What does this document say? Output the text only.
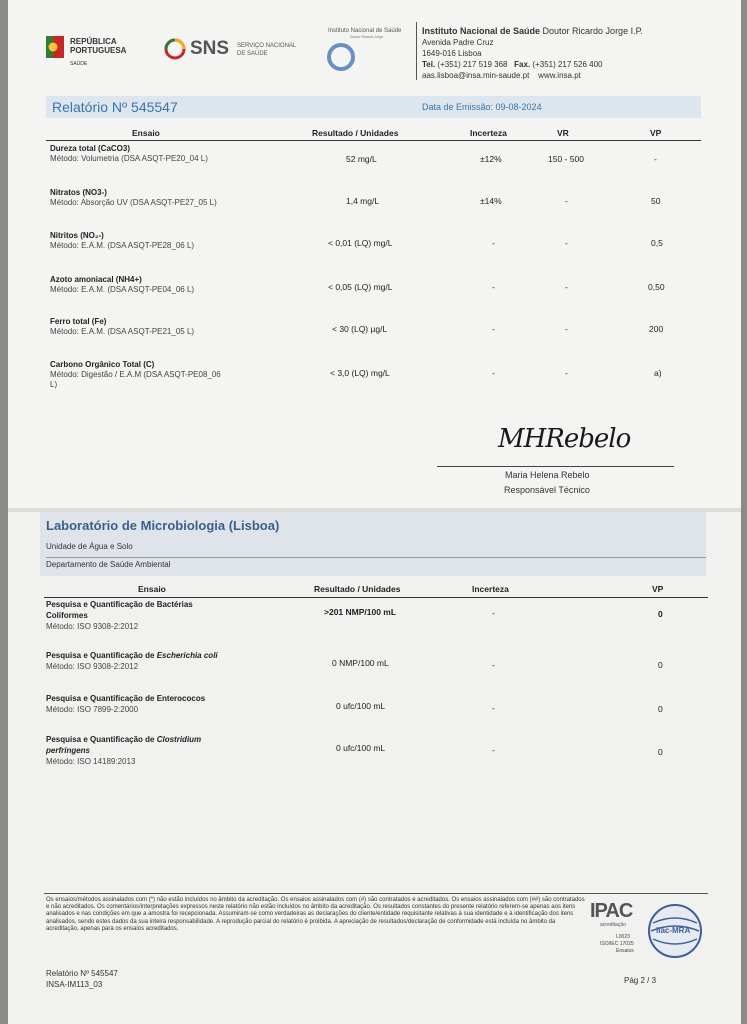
REPÚBLICA
PORTUGUESA
SAÚDE
SNS SERVIÇO NACIONAL
DE SAÚDE
Instituto Nacional de Saúde
Doutor Ricardo Jorge
Instituto Nacional de Saúde Doutor Ricardo Jorge I.P.
Avenida Padre Cruz
1649-016 Lisboa
Tel. (+351) 217 519 368 Fax. (+351) 217 526 400
aas.lisboa@insa.min-saude.pt    www.insa.pt
Relatório Nº 545547	Data de Emissão: 09-08-2024
Ensaio	Resultado / Unidades	Incerteza	VR	VP
Dureza total (CaCO3)
Método: Volumetria (DSA ASQT-PE20_04 L)	52 mg/L	±12%	150 - 500	-
Nitratos (NO3-)
Método: Absorção UV (DSA ASQT-PE27_05 L)	1,4 mg/L	±14%	-	50
Nitritos (NO₂-)
Método: E.A.M. (DSA ASQT-PE28_06 L)	< 0,01 (LQ) mg/L	-	-	0,5
Azoto amoniacal (NH4+)
Método: E.A.M. (DSA ASQT-PE04_06 L)	< 0,05 (LQ) mg/L	-	-	0,50
Ferro total (Fe)
Método: E.A.M. (DSA ASQT-PE21_05 L)	< 30 (LQ) µg/L	-	-	200
Carbono Orgânico Total (C)
Método: Digestão / E.A.M (DSA ASQT-PE08_06
L)
< 3,0 (LQ) mg/L	-	-	a)
MHRebelo
Maria Helena Rebelo
Responsável Técnico
Laboratório de Microbiologia (Lisboa)
Unidade de Água e Solo
Departamento de Saúde Ambiental
Ensaio	Resultado / Unidades	Incerteza	VP
Pesquisa e Quantificação de Bactérias
Coliformes
Método: ISO 9308-2:2012
>201 NMP/100 mL	-	0
Pesquisa e Quantificação de Escherichia coli
Método: ISO 9308-2:2012	0 NMP/100 mL	-	0
Pesquisa e Quantificação de Enterococos
Método: ISO 7899-2:2000	0 ufc/100 mL	-	0
Pesquisa e Quantificação de Clostridium
perfringens
Método: ISO 14189:2013
0 ufc/100 mL	-	0
Os ensaios/métodos assinalados com (*) não estão incluídos no âmbito da acreditação. Os ensaios assinalados com (#) são contratados e acreditados. Os ensaios assinalados com (##) são contratados e não acreditados. Os comentários/interpretações expressos neste relatório não estão incluídos no âmbito da acreditação. Os resultados constantes do presente relatório referem-se apenas aos itens analisados e nas condições em que a amostra foi recepcionada. Assumiram-se como verdadeiras as declarações do cliente/entidade requisitante relativas à sua identidade e à identificação dos itens analisados, sendo estes dados da sua inteira responsabilidade. A reprodução parcial do relatório é proibida. A apreciação de resultados/declaração de conformidade está incluída no âmbito da acreditação, apenas para os ensaios acreditados.
IPAC
acreditação
L0023
ISO/IEC 17025
Ensaios
ilac-MRA
Relatório Nº 545547
INSA-IM113_03	Pág 2 / 3
